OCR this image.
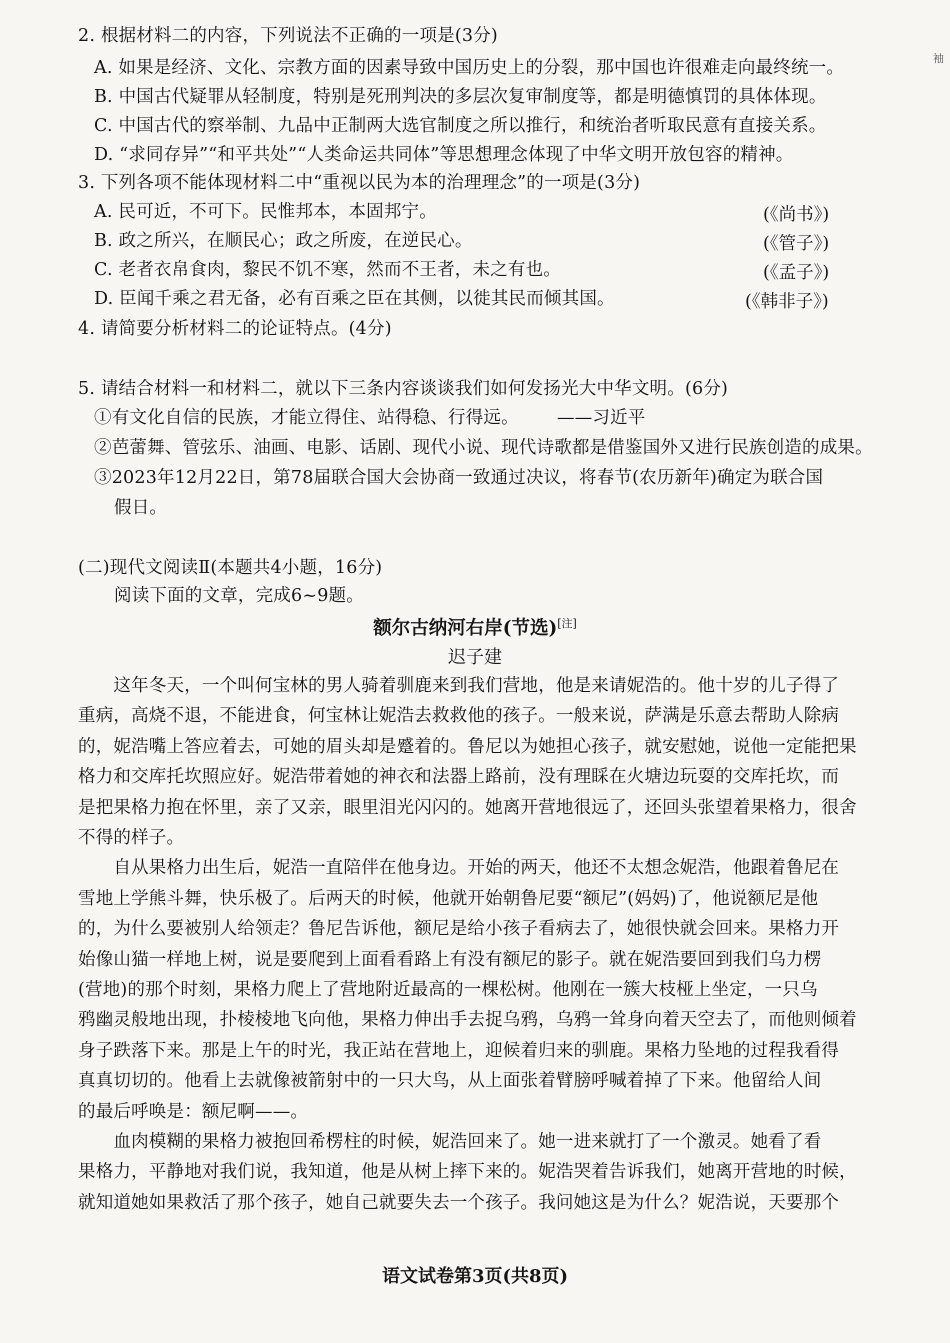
袖
2. 根据材料二的内容，下列说法不正确的一项是(3分)
A. 如果是经济、文化、宗教方面的因素导致中国历史上的分裂，那中国也许很难走向最终统一。
B. 中国古代疑罪从轻制度，特别是死刑判决的多层次复审制度等，都是明德慎罚的具体体现。
C. 中国古代的察举制、九品中正制两大选官制度之所以推行，和统治者听取民意有直接关系。
D. “求同存异”“和平共处”“人类命运共同体”等思想理念体现了中华文明开放包容的精神。
3. 下列各项不能体现材料二中“重视以民为本的治理理念”的一项是(3分)
A. 民可近，不可下。民惟邦本，本固邦宁。	(《尚书》)
B. 政之所兴，在顺民心；政之所废，在逆民心。	(《管子》)
C. 老者衣帛食肉，黎民不饥不寒，然而不王者，未之有也。	(《孟子》)
D. 臣闻千乘之君无备，必有百乘之臣在其侧，以徙其民而倾其国。	(《韩非子》)
4. 请简要分析材料二的论证特点。(4分)
5. 请结合材料一和材料二，就以下三条内容谈谈我们如何发扬光大中华文明。(6分)
①有文化自信的民族，才能立得住、站得稳、行得远。 ——习近平
②芭蕾舞、管弦乐、油画、电影、话剧、现代小说、现代诗歌都是借鉴国外又进行民族创造的成果。
③2023年12月22日，第78届联合国大会协商一致通过决议，将春节(农历新年)确定为联合国
假日。
(二)现代文阅读Ⅱ(本题共4小题，16分)
阅读下面的文章，完成6~9题。
额尔古纳河右岸(节选)[注]
迟子建
　　这年冬天，一个叫何宝林的男人骑着驯鹿来到我们营地，他是来请妮浩的。他十岁的儿子得了
重病，高烧不退，不能进食，何宝林让妮浩去救救他的孩子。一般来说，萨满是乐意去帮助人除病
的，妮浩嘴上答应着去，可她的眉头却是蹙着的。鲁尼以为她担心孩子，就安慰她，说他一定能把果
格力和交库托坎照应好。妮浩带着她的神衣和法器上路前，没有理睬在火塘边玩耍的交库托坎，而
是把果格力抱在怀里，亲了又亲，眼里泪光闪闪的。她离开营地很远了，还回头张望着果格力，很舍
不得的样子。
　　自从果格力出生后，妮浩一直陪伴在他身边。开始的两天，他还不太想念妮浩，他跟着鲁尼在
雪地上学熊斗舞，快乐极了。后两天的时候，他就开始朝鲁尼要“额尼”(妈妈)了，他说额尼是他
的，为什么要被别人给领走？鲁尼告诉他，额尼是给小孩子看病去了，她很快就会回来。果格力开
始像山猫一样地上树，说是要爬到上面看看路上有没有额尼的影子。就在妮浩要回到我们乌力楞
(营地)的那个时刻，果格力爬上了营地附近最高的一棵松树。他刚在一簇大枝桠上坐定，一只乌
鸦幽灵般地出现，扑棱棱地飞向他，果格力伸出手去捉乌鸦，乌鸦一耸身向着天空去了，而他则倾着
身子跌落下来。那是上午的时光，我正站在营地上，迎候着归来的驯鹿。果格力坠地的过程我看得
真真切切的。他看上去就像被箭射中的一只大鸟，从上面张着臂膀呼喊着掉了下来。他留给人间
的最后呼唤是：额尼啊——。
　　血肉模糊的果格力被抱回希楞柱的时候，妮浩回来了。她一进来就打了一个激灵。她看了看
果格力，平静地对我们说，我知道，他是从树上摔下来的。妮浩哭着告诉我们，她离开营地的时候，
就知道她如果救活了那个孩子，她自己就要失去一个孩子。我问她这是为什么？妮浩说，天要那个
语文试卷第3页(共8页)
